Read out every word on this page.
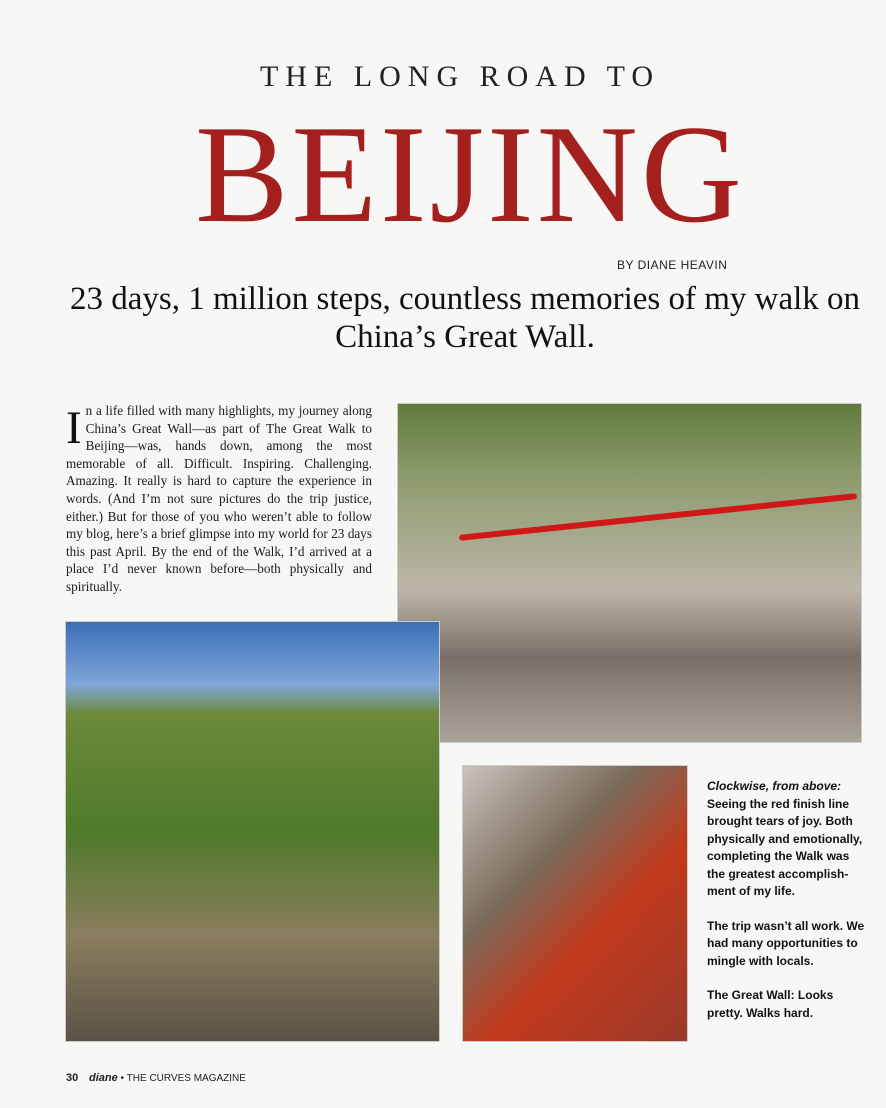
THE LONG ROAD TO
BEIJING
BY DIANE HEAVIN
23 days, 1 million steps, countless memories of my walk on China’s Great Wall.
In a life filled with many highlights, my journey along China’s Great Wall—as part of The Great Walk to Beijing—was, hands down, among the most memorable of all. Difficult. Inspiring. Challenging. Amazing. It really is hard to capture the experience in words. (And I’m not sure pictures do the trip justice, either.) But for those of you who weren’t able to follow my blog, here’s a brief glimpse into my world for 23 days this past April. By the end of the Walk, I’d arrived at a place I’d never known before—both physically and spiritually.

Clockwise, from above:
Seeing the red finish line brought tears of joy. Both physically and emotionally, completing the Walk was the greatest accomplishment of my life.

The trip wasn’t all work. We had many opportunities to mingle with locals.

The Great Wall: Looks pretty. Walks hard.

30 diane • THE CURVES MAGAZINE
